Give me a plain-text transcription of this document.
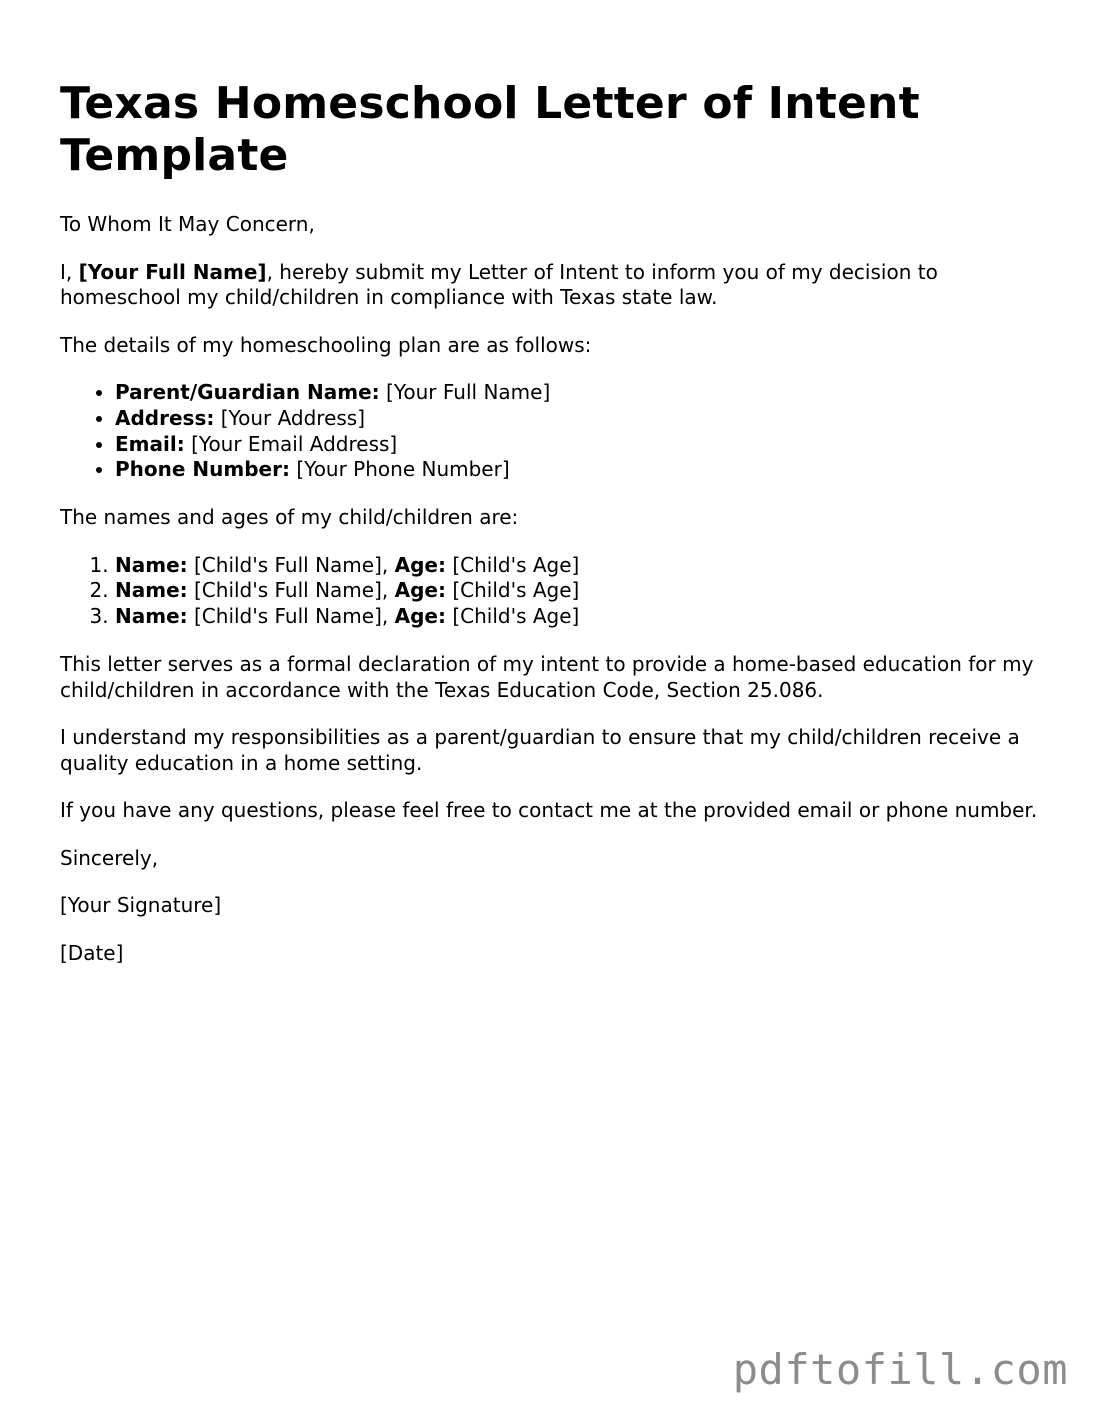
Texas Homeschool Letter of Intent Template

To Whom It May Concern,

I, [Your Full Name], hereby submit my Letter of Intent to inform you of my decision to homeschool my child/children in compliance with Texas state law.

The details of my homeschooling plan are as follows:

• Parent/Guardian Name: [Your Full Name]
• Address: [Your Address]
• Email: [Your Email Address]
• Phone Number: [Your Phone Number]

The names and ages of my child/children are:

1. Name: [Child's Full Name], Age: [Child's Age]
2. Name: [Child's Full Name], Age: [Child's Age]
3. Name: [Child's Full Name], Age: [Child's Age]

This letter serves as a formal declaration of my intent to provide a home-based education for my child/children in accordance with the Texas Education Code, Section 25.086.

I understand my responsibilities as a parent/guardian to ensure that my child/children receive a quality education in a home setting.

If you have any questions, please feel free to contact me at the provided email or phone number.

Sincerely,

[Your Signature]

[Date]

pdftofill.com
